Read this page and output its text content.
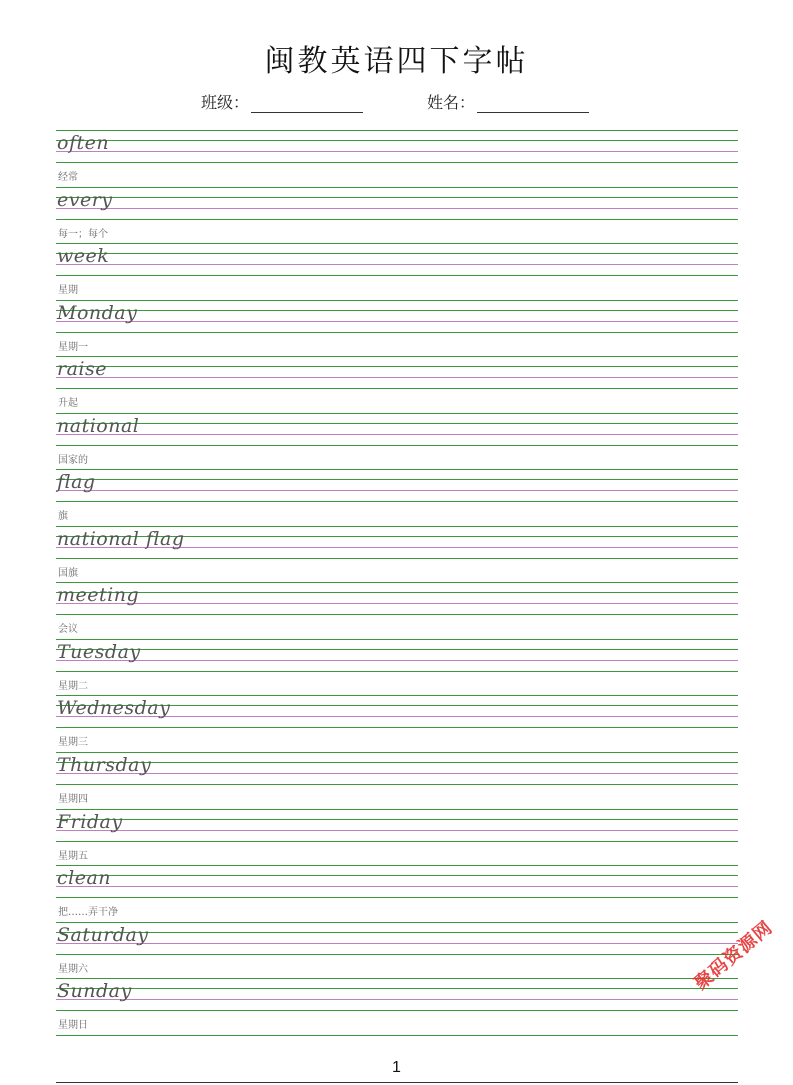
闽教英语四下字帖
班级：	姓名：
often
经常
every
每一；每个
week
星期
Monday
星期一
raise
升起
national
国家的
flag
旗
national flag
国旗
meeting
会议
Tuesday
星期二
Wednesday
星期三
Thursday
星期四
Friday
星期五
clean
把……弄干净
Saturday
星期六
Sunday
星期日
聚码资源网
1
